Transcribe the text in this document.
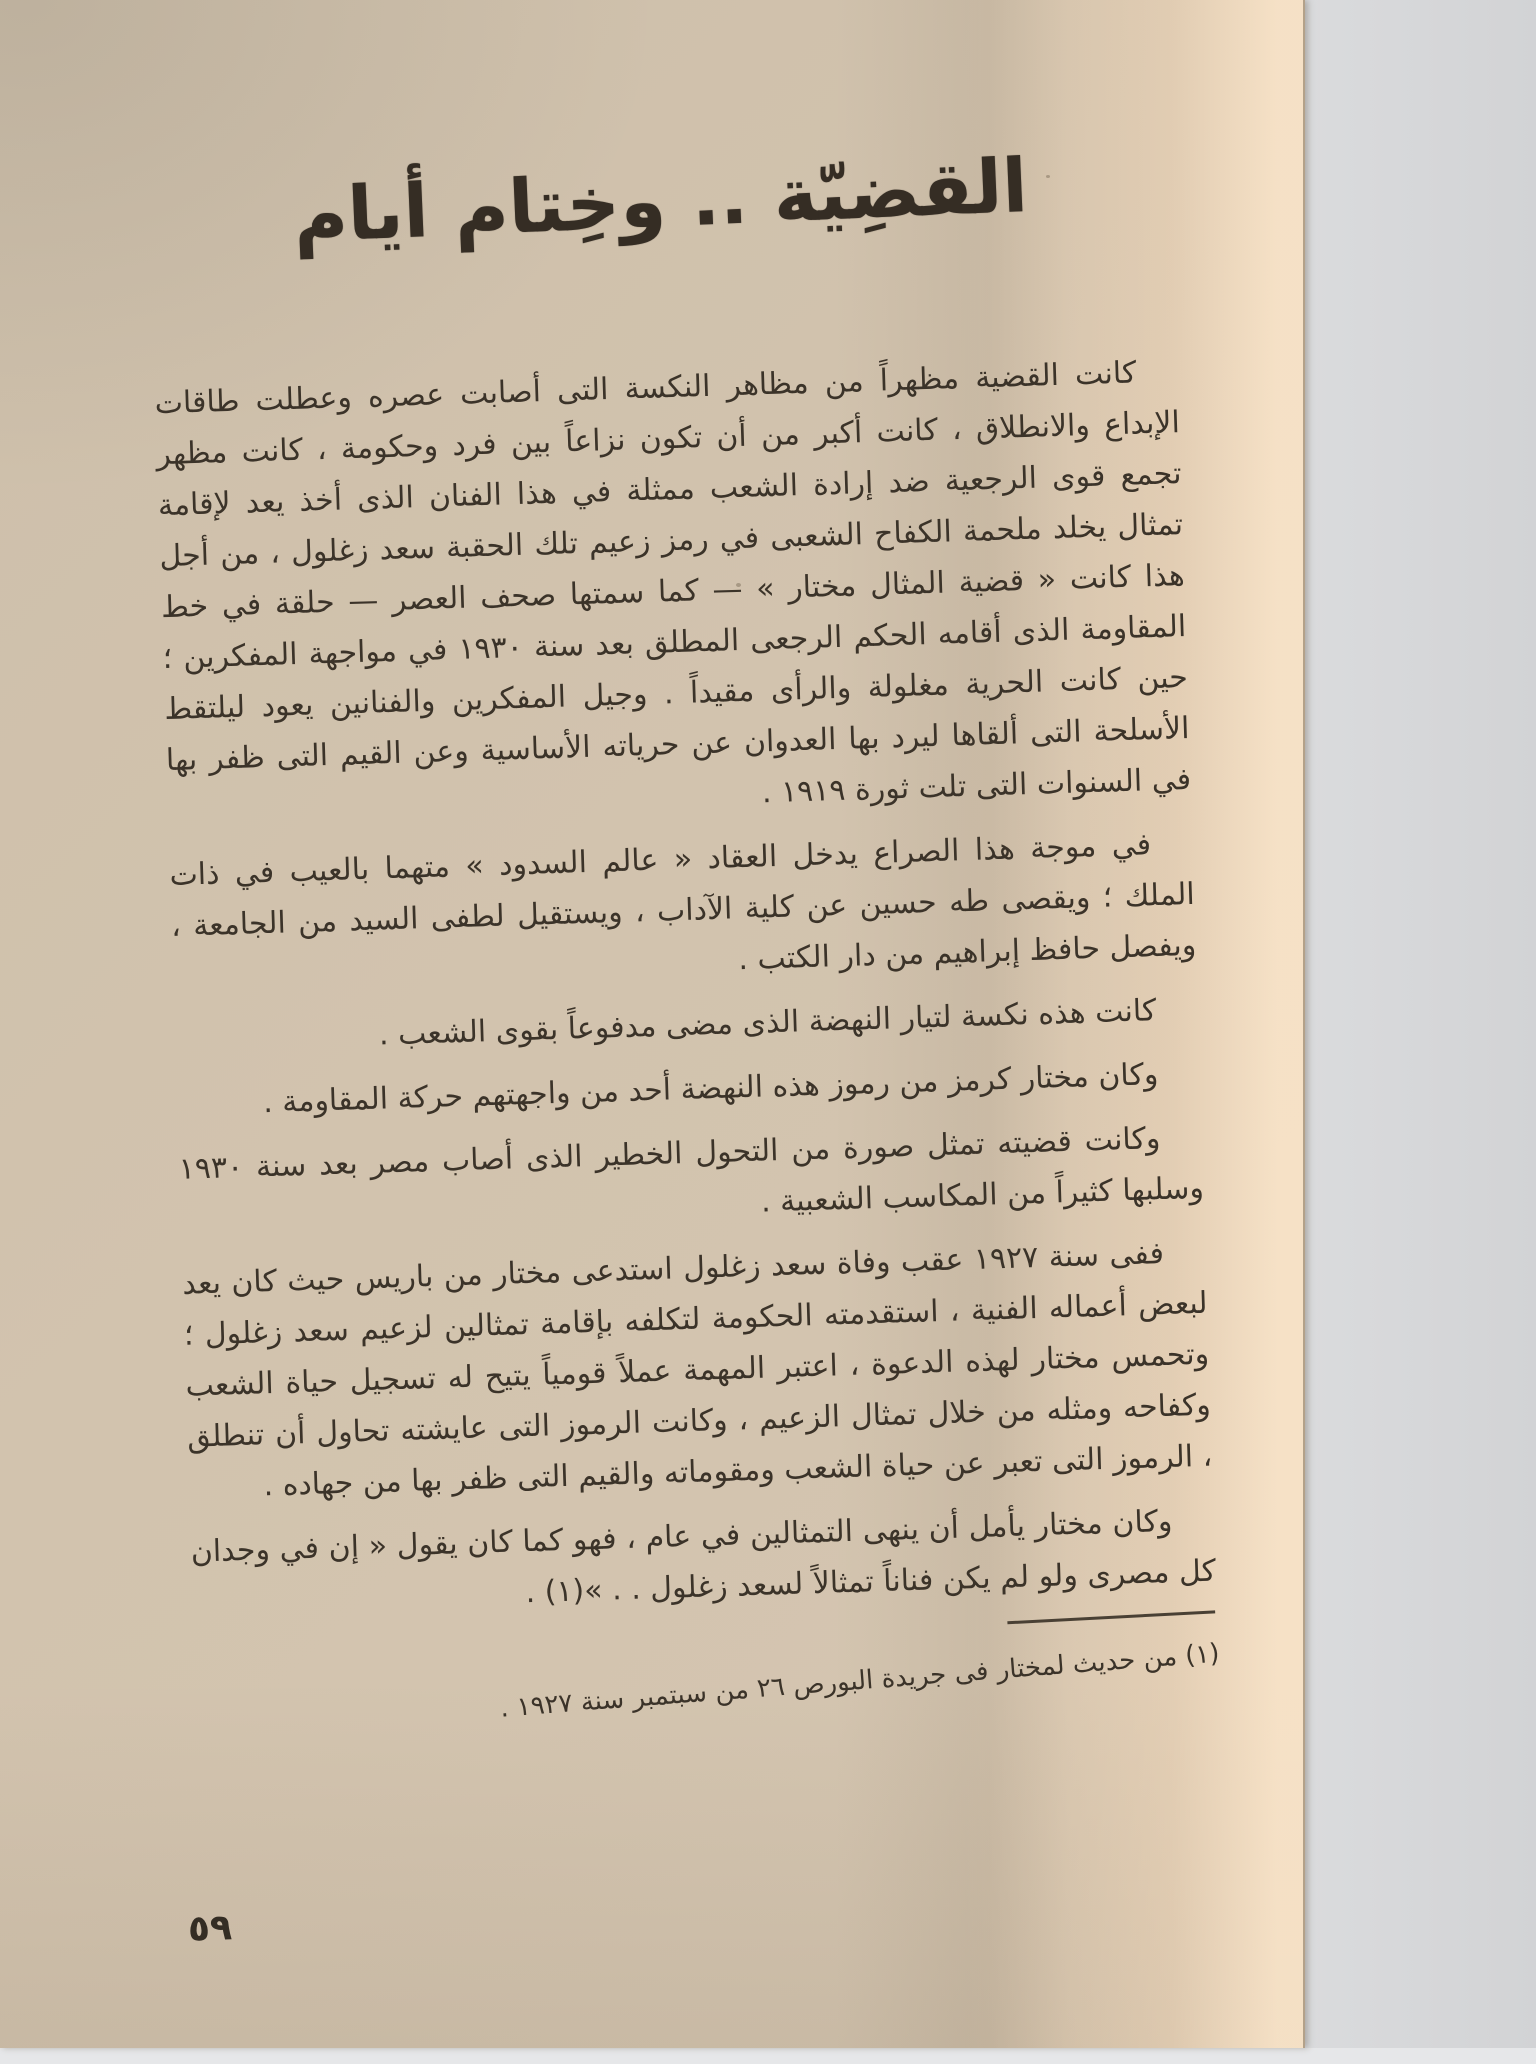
القضِيّة .. وخِتام أيام

كانت القضية مظهراً من مظاهر النكسة التى أصابت عصره وعطلت طاقات الإبداع والانطلاق ، كانت أكبر من أن تكون نزاعاً بين فرد وحكومة ، كانت مظهر تجمع قوى الرجعية ضد إرادة الشعب ممثلة في هذا الفنان الذى أخذ يعد لإقامة تمثال يخلد ملحمة الكفاح الشعبى في رمز زعيم تلك الحقبة سعد زغلول ، من أجل هذا كانت « قضية المثال مختار » — كما سمتها صحف العصر — حلقة في خط المقاومة الذى أقامه الحكم الرجعى المطلق بعد سنة ١٩٣٠ في مواجهة المفكرين ؛ حين كانت الحرية مغلولة والرأى مقيداً . وجيل المفكرين والفنانين يعود ليلتقط الأسلحة التى ألقاها ليرد بها العدوان عن حرياته الأساسية وعن القيم التى ظفر بها في السنوات التى تلت ثورة ١٩١٩ .

في موجة هذا الصراع يدخل العقاد « عالم السدود » متهما بالعيب في ذات الملك ؛ ويقصى طه حسين عن كلية الآداب ، ويستقيل لطفى السيد من الجامعة ، ويفصل حافظ إبراهيم من دار الكتب .

كانت هذه نكسة لتيار النهضة الذى مضى مدفوعاً بقوى الشعب .

وكان مختار كرمز من رموز هذه النهضة أحد من واجهتهم حركة المقاومة .

وكانت قضيته تمثل صورة من التحول الخطير الذى أصاب مصر بعد سنة ١٩٣٠ وسلبها كثيراً من المكاسب الشعبية .

ففى سنة ١٩٢٧ عقب وفاة سعد زغلول استدعى مختار من باريس حيث كان يعد لبعض أعماله الفنية ، استقدمته الحكومة لتكلفه بإقامة تمثالين لزعيم سعد زغلول ؛ وتحمس مختار لهذه الدعوة ، اعتبر المهمة عملاً قومياً يتيح له تسجيل حياة الشعب وكفاحه ومثله من خلال تمثال الزعيم ، وكانت الرموز التى عايشته تحاول أن تنطلق ، الرموز التى تعبر عن حياة الشعب ومقوماته والقيم التى ظفر بها من جهاده .

وكان مختار يأمل أن ينهى التمثالين في عام ، فهو كما كان يقول « إن في وجدان كل مصرى ولو لم يكن فناناً تمثالاً لسعد زغلول . . »(١) .

(١) من حديث لمختار فى جريدة البورص ٢٦ من سبتمبر سنة ١٩٢٧ .
٥٩
